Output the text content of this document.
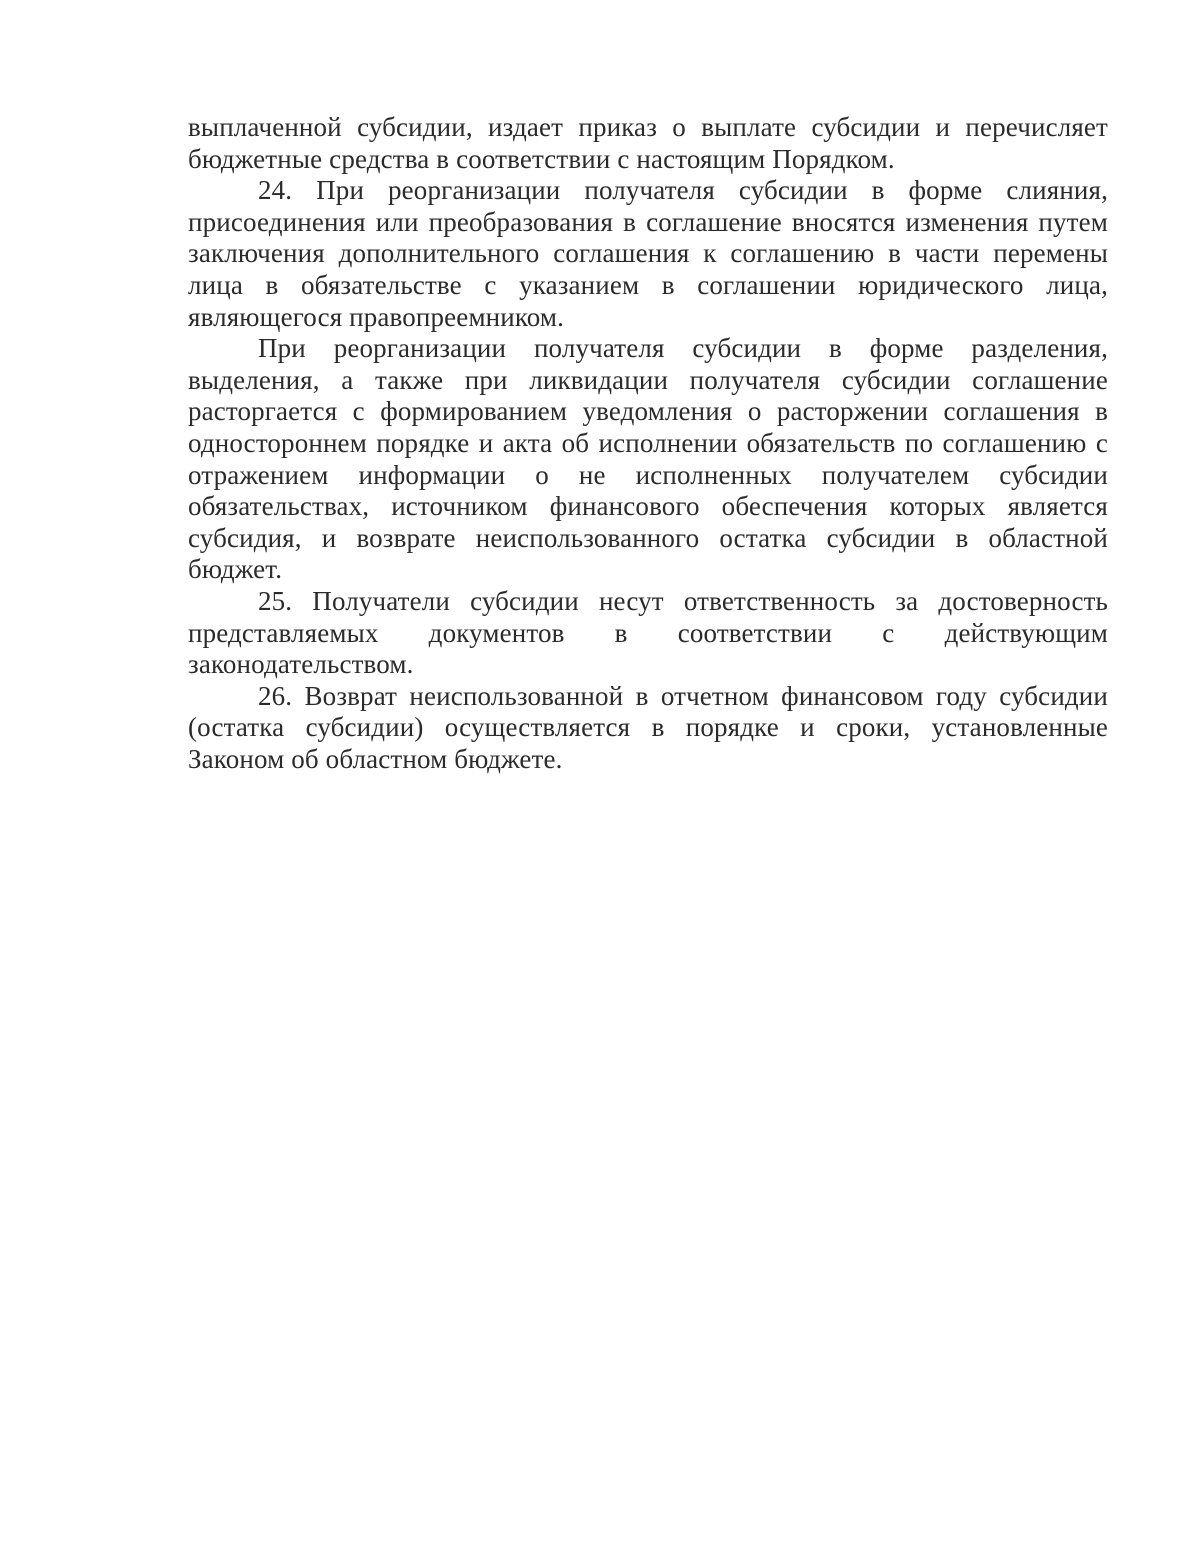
выплаченной субсидии, издает приказ о выплате субсидии и перечисляет бюджетные средства в соответствии с настоящим Порядком.

24. При реорганизации получателя субсидии в форме слияния, присоединения или преобразования в соглашение вносятся изменения путем заключения дополнительного соглашения к соглашению в части перемены лица в обязательстве с указанием в соглашении юридического лица, являющегося правопреемником.

При реорганизации получателя субсидии в форме разделения, выделения, а также при ликвидации получателя субсидии соглашение расторгается с формированием уведомления о расторжении соглашения в одностороннем порядке и акта об исполнении обязательств по соглашению с отражением информации о не исполненных получателем субсидии обязательствах, источником финансового обеспечения которых является субсидия, и возврате неиспользованного остатка субсидии в областной бюджет.

25. Получатели субсидии несут ответственность за достоверность представляемых документов в соответствии с действующим законодательством.

26. Возврат неиспользованной в отчетном финансовом году субсидии (остатка субсидии) осуществляется в порядке и сроки, установленные Законом об областном бюджете.
